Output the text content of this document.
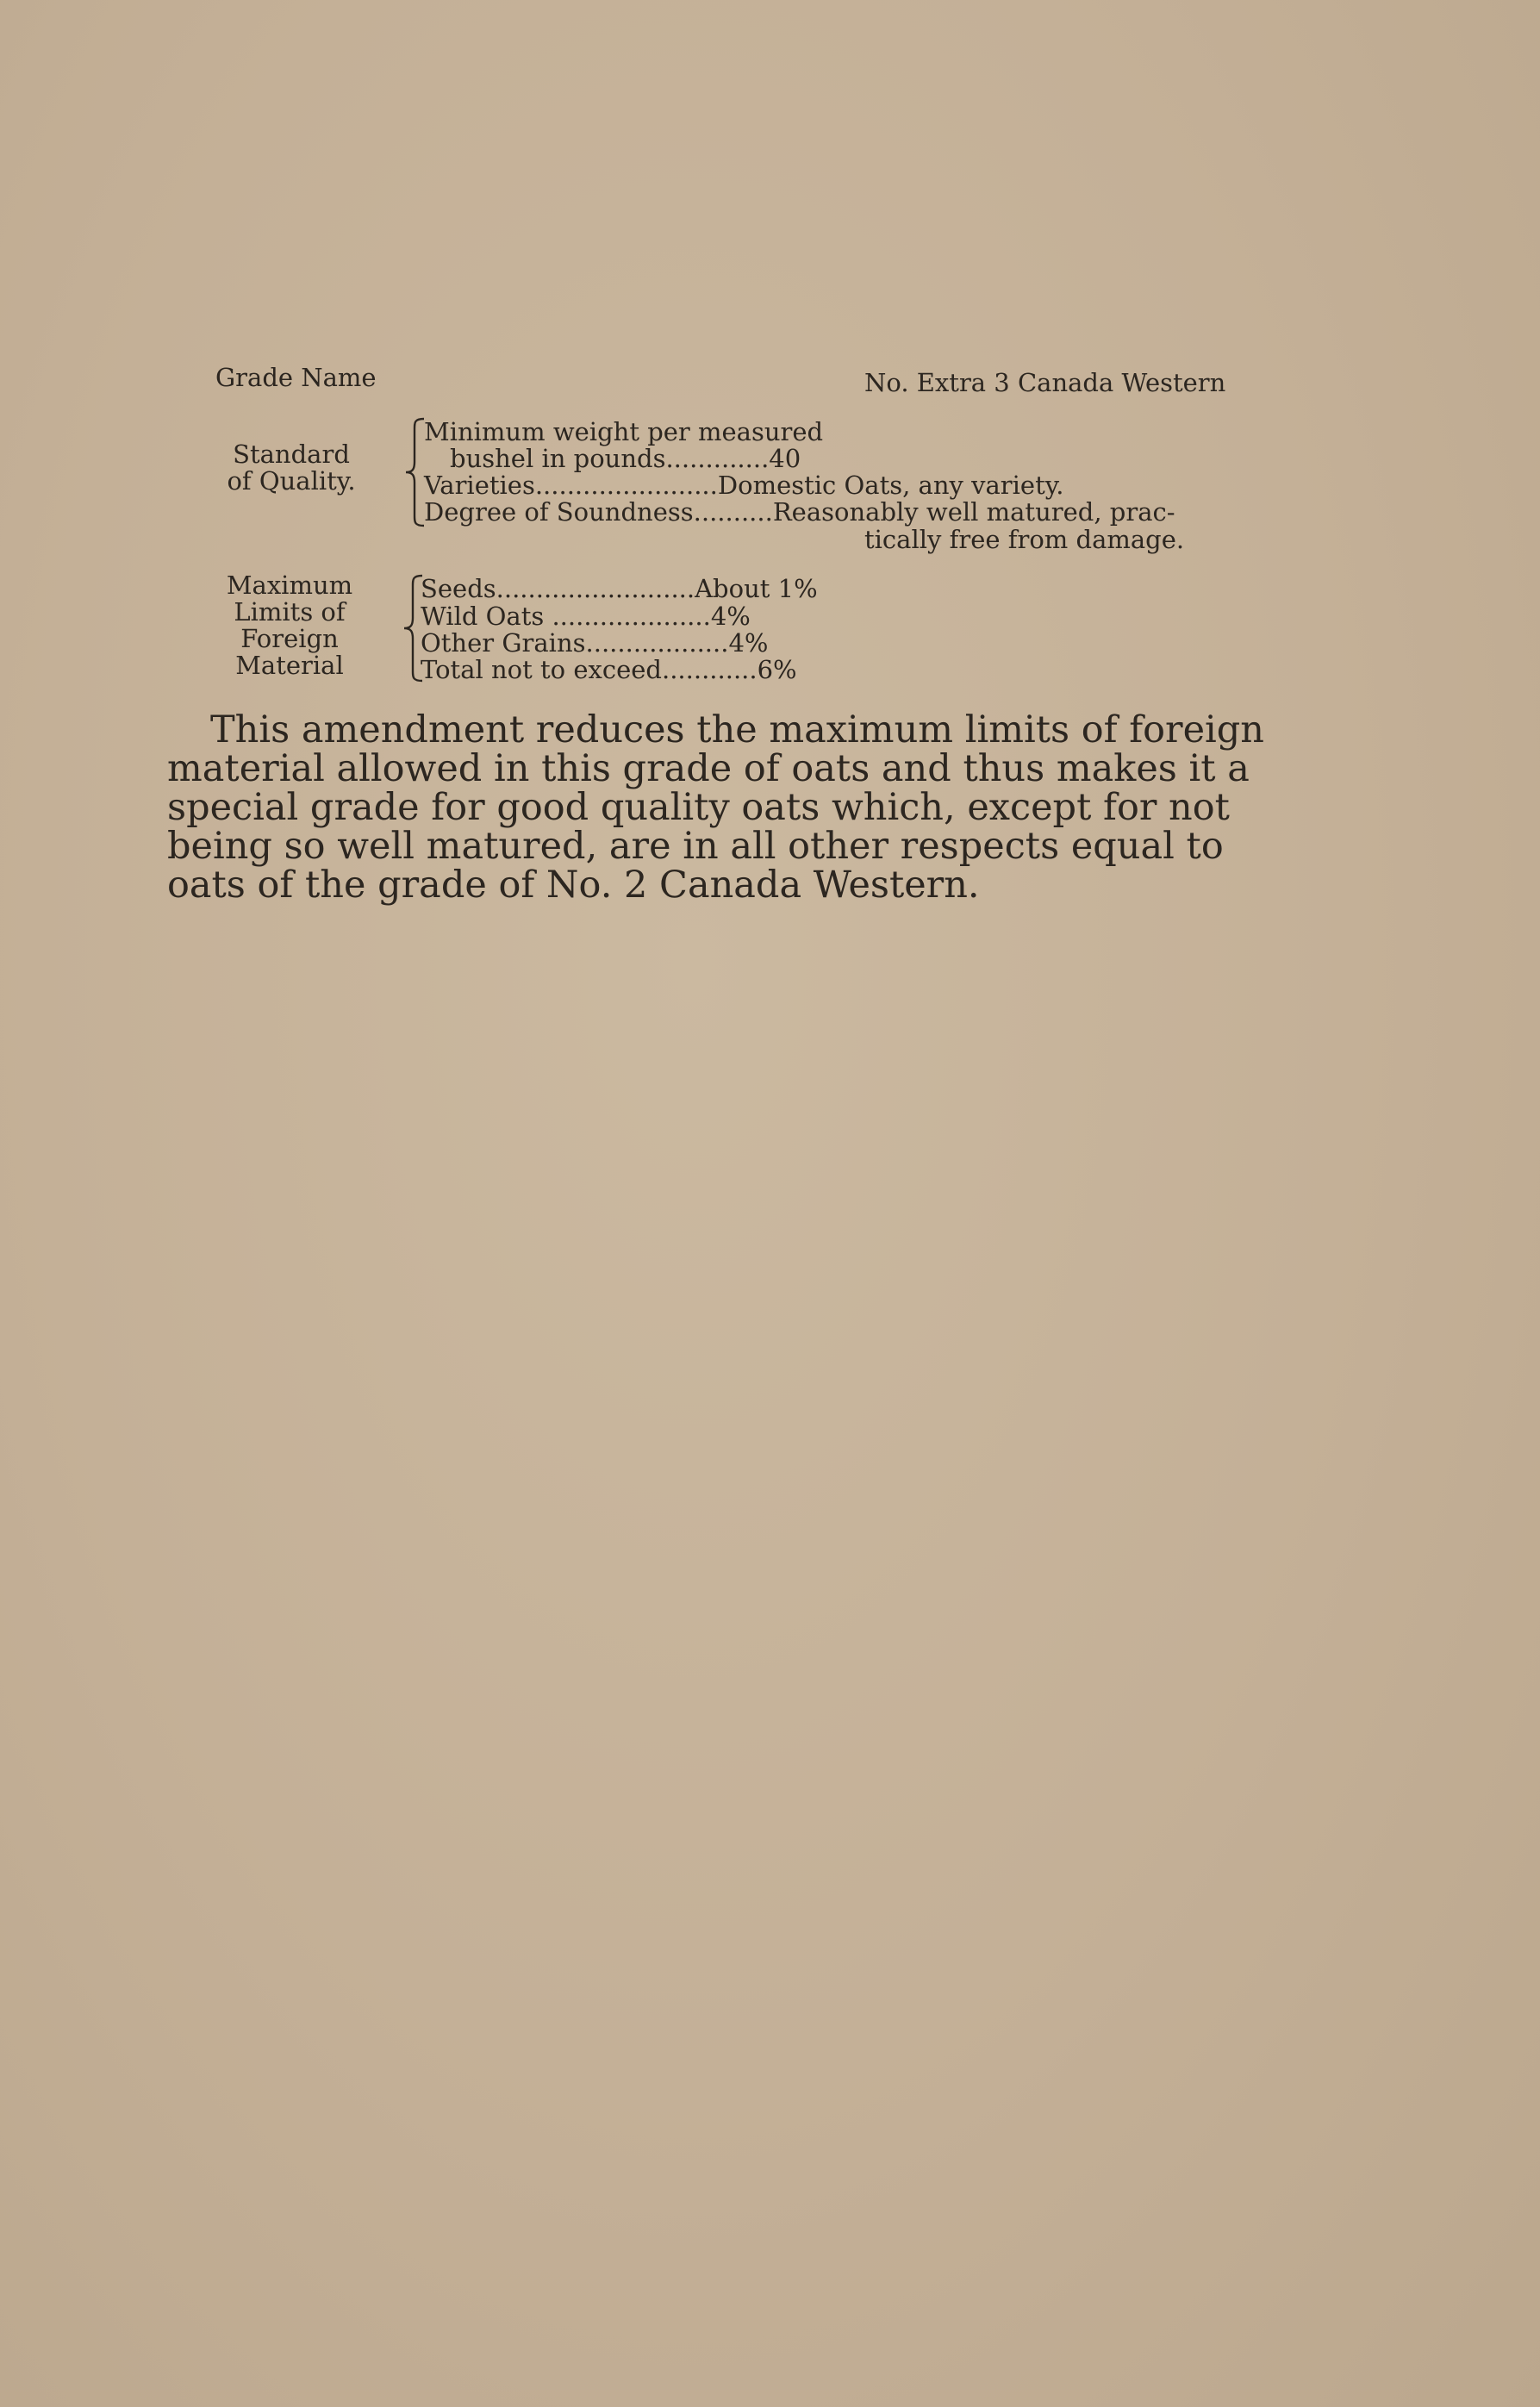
Grade Name	No. Extra 3 Canada Western
Standard
of Quality.
Minimum weight per measured
bushel in pounds.............40
Varieties.......................Domestic Oats, any variety.
Degree of Soundness..........Reasonably well matured, prac-
tically free from damage.
Maximum
Limits of
Foreign
Material
Seeds.........................About 1%
Wild Oats ....................4%
Other Grains..................4%
Total not to exceed............6%
This amendment reduces the maximum limits of foreign
material allowed in this grade of oats and thus makes it a
special grade for good quality oats which, except for not
being so well matured, are in all other respects equal to
oats of the grade of No. 2 Canada Western.
